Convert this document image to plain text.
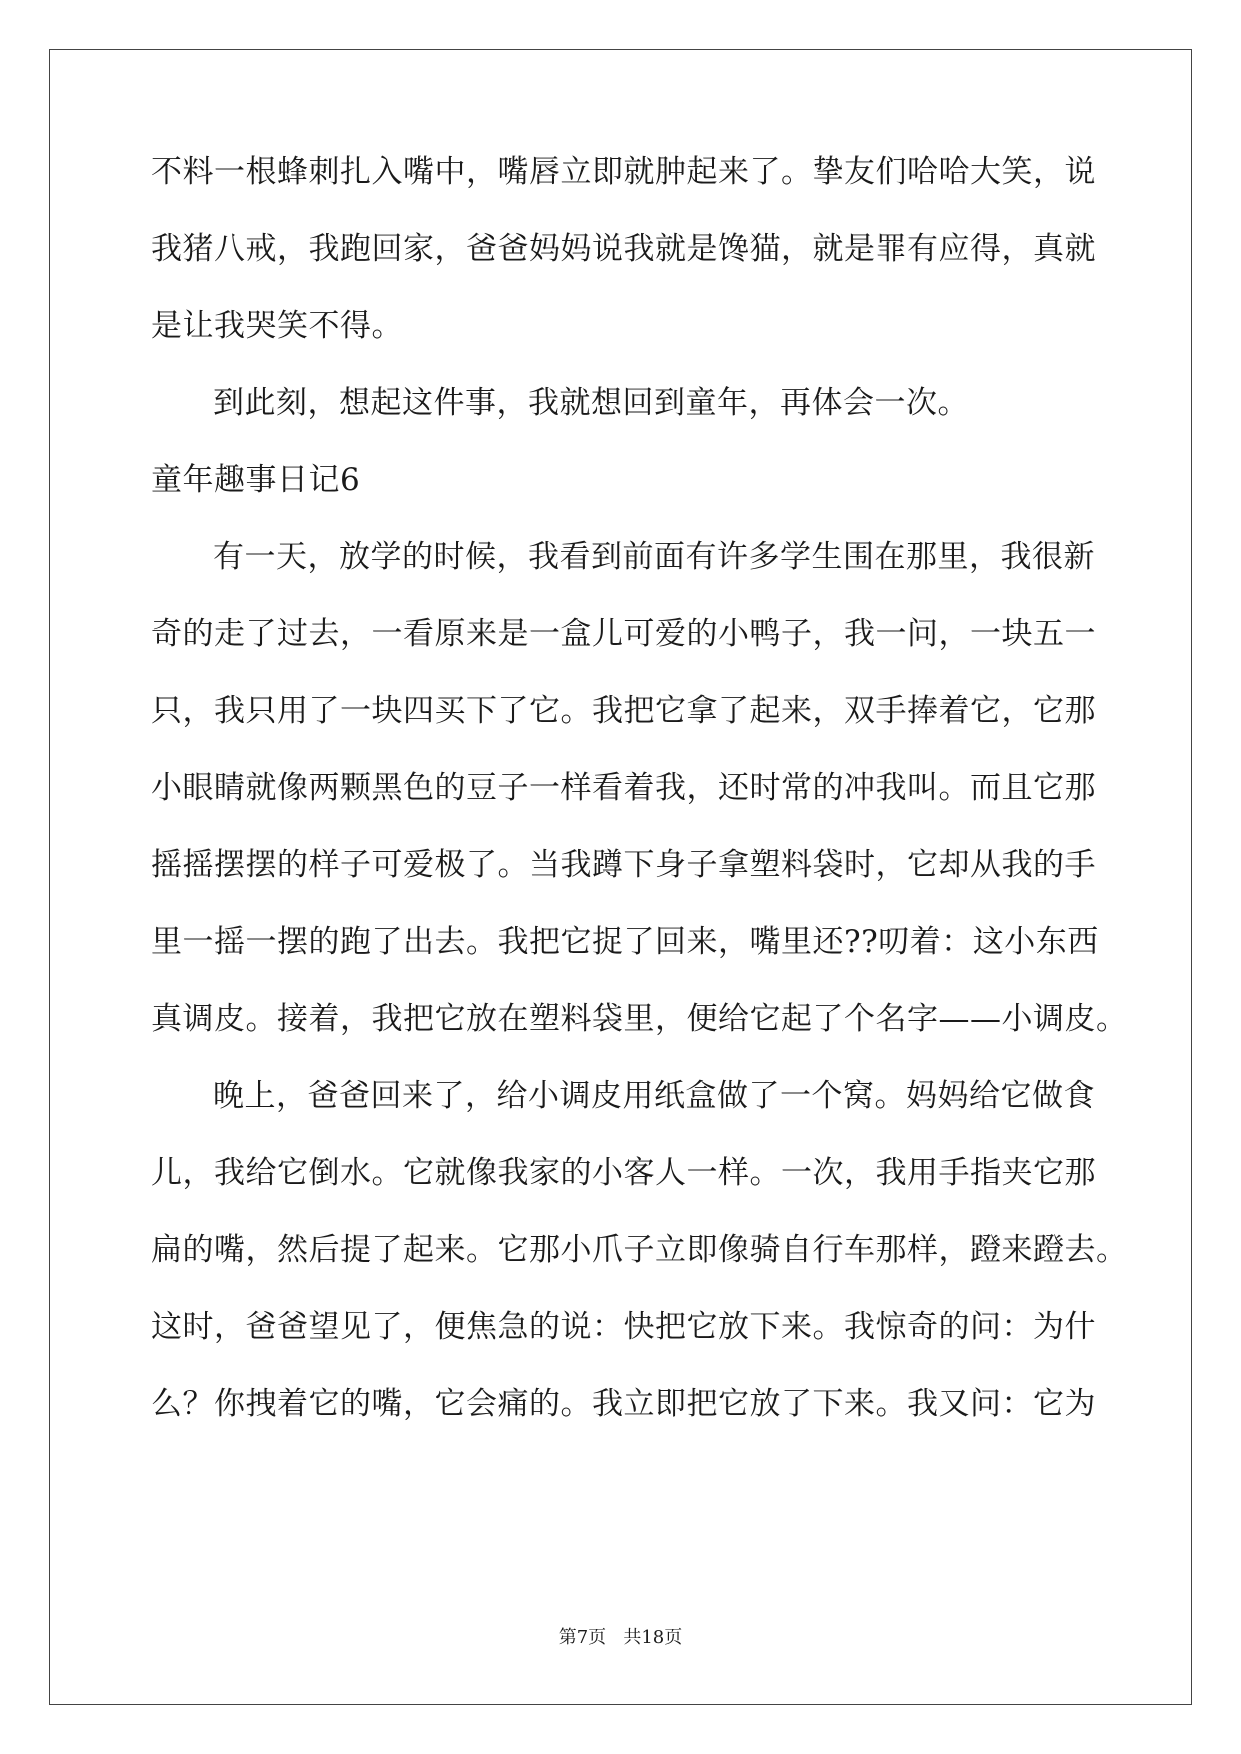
不料一根蜂刺扎入嘴中，嘴唇立即就肿起来了。挚友们哈哈大笑，说
我猪八戒，我跑回家，爸爸妈妈说我就是馋猫，就是罪有应得，真就
是让我哭笑不得。
到此刻，想起这件事，我就想回到童年，再体会一次。
童年趣事日记6
有一天，放学的时候，我看到前面有许多学生围在那里，我很新
奇的走了过去，一看原来是一盒儿可爱的小鸭子，我一问，一块五一
只，我只用了一块四买下了它。我把它拿了起来，双手捧着它，它那
小眼睛就像两颗黑色的豆子一样看着我，还时常的冲我叫。而且它那
摇摇摆摆的样子可爱极了。当我蹲下身子拿塑料袋时，它却从我的手
里一摇一摆的跑了出去。我把它捉了回来，嘴里还??叨着：这小东西
真调皮。接着，我把它放在塑料袋里，便给它起了个名字——小调皮。
晚上，爸爸回来了，给小调皮用纸盒做了一个窝。妈妈给它做食
儿，我给它倒水。它就像我家的小客人一样。一次，我用手指夹它那
扁的嘴，然后提了起来。它那小爪子立即像骑自行车那样，蹬来蹬去。
这时，爸爸望见了，便焦急的说：快把它放下来。我惊奇的问：为什
么？你拽着它的嘴，它会痛的。我立即把它放了下来。我又问：它为
第7页   共18页
